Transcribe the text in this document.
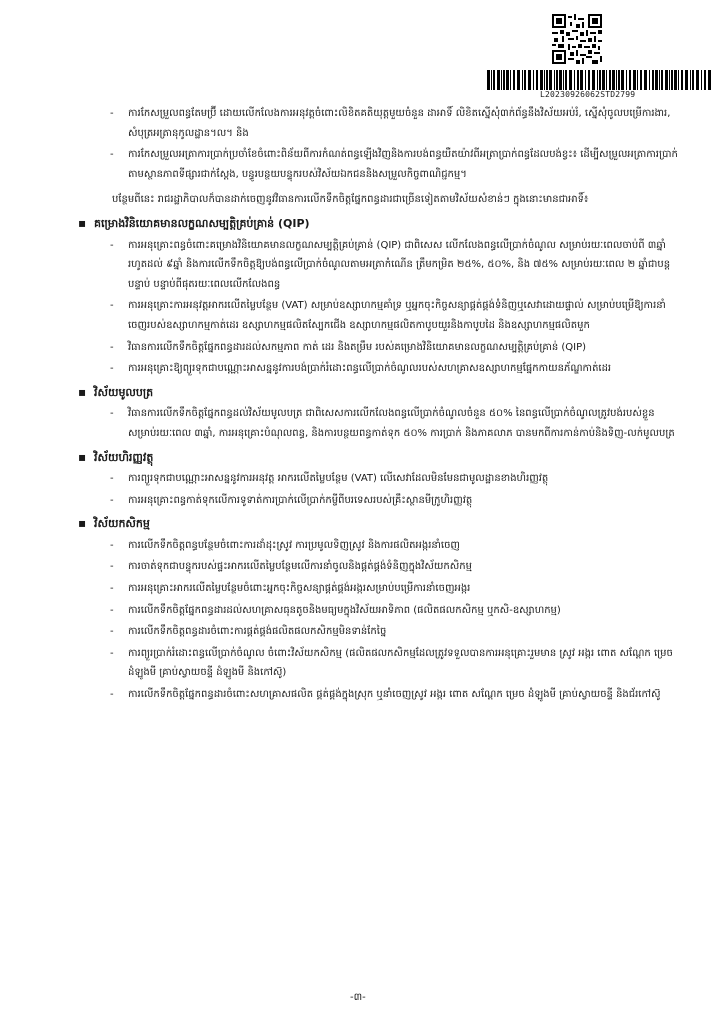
L20230926062STD2799
- ការកែសម្រួលពន្ធតែមប្រ៊ី ដោយលើកលែងការអនុវត្តចំពោះលិខិតគតិយុត្តមួយចំនួន ដាអាទិ៍ លិខិតស្នើសុំ៣ក់ព័ន្ធនឹងវិស័យអប់រំ, ស្នើសុំចូលបម្រើការងារ, សំបុត្រអត្រានុកូលដ្ឋាន។ល។ និង
- ការកែសម្រួលអត្រាការប្រាក់ប្រចាំខែចំពោះពិន័យពីការកំណត់ពន្ធឡើងវិញនិងការបង់ពន្ធយឺតយ៉ាវពីអត្រាប្រាក់ពន្ធដែលបង់ខ្វះ៖ ដើម្បីសម្រួលអត្រាការប្រាក់តាមស្ថានភាពទីផ្សារជាក់ស្តែង, បន្ធូរបន្ថយបន្ទុករបស់វិស័យឯកជននិងសម្រួលកិច្ចពាណិជ្ជកម្ម។
បន្ថែមពីនេះ រាជរដ្ឋាភិបាលក៏បានដាក់ចេញនូវវិធានការលើកទឹកចិត្តផ្នែកពន្ធដារជាច្រើនទៀតតាមវិស័យសំខាន់ៗ ក្នុងនោះមានជាអាទិ៍៖
▪ គម្រោងវិនិយោគមានលក្ខណសម្បត្តិគ្រប់គ្រាន់ (QIP)
- ការអនុគ្រោះពន្ធចំពោះគម្រោងវិនិយោគមានលក្ខណសម្បត្តិគ្រប់គ្រាន់ (QIP) ជាពិសេស លើកលែងពន្ធលើប្រាក់ចំណូល សម្រាប់រយៈពេលចាប់ពី ៣ឆ្នាំ រហូតដល់ ៩ឆ្នាំ និងការលើកទឹកចិត្តឱ្យបង់ពន្ធលើប្រាក់ចំណូលតាមអត្រាកំណើន ត្រឹមកម្រិត ២៥%, ៥០%, និង ៧៥% សម្រាប់រយៈពេល ២ ឆ្នាំជាបន្តបន្ទាប់ បន្ទាប់ពីផុតរយៈពេលលើកលែងពន្ធ
- ការអនុគ្រោះការអនុវត្តអាករលើតម្លៃបន្ថែម (VAT) សម្រាប់ឧស្សាហកម្មគាំទ្រ ឬអ្នកចុះកិច្ចសន្យាផ្គត់ផ្គង់ទំនិញឬសេវាដោយផ្ទាល់ សម្រាប់បម្រើឱ្យការនាំចេញរបស់ឧស្សាហកម្មកាត់ដេរ ឧស្សាហកម្មផលិតស្បែកជើង ឧស្សាហកម្មផលិតកាបូបយួរនិងកាបូបដៃ និងឧស្សាហកម្មផលិតមួក
- វិធានការលើកទឹកចិត្តផ្នែកពន្ធដារដល់សកម្មភាព កាត់ ដេរ និងតម្រឹម របស់គម្រោងវិនិយោគមានលក្ខណសម្បត្តិគ្រប់គ្រាន់ (QIP)
- ការអនុគ្រោះឱ្យព្យួរទុកជាបណ្ណោះអាសន្ននូវការបង់ប្រាក់រំដោះពន្ធលើប្រាក់ចំណូលរបស់សហគ្រាសឧស្សាហកម្មផ្នែកកាយនភ័ណ្ឌកាត់ដេរ
▪ វិស័យមូលបត្រ
- វិធានការលើកទឹកចិត្តផ្នែកពន្ធដល់វិស័យមូលបត្រ ជាពិសេសការលើកលែងពន្ធលើប្រាក់ចំណូលចំនួន ៥០% នៃពន្ធលើប្រាក់ចំណូលត្រូវបង់របស់ខ្លួនសម្រាប់រយៈពេល ៣ឆ្នាំ, ការអនុគ្រោះបំណុលពន្ធ, និងការបន្ថយពន្ធកាត់ទុក ៥០% ការប្រាក់ និងភាគលាភ បានមកពីការកាន់កាប់និងទិញ-លក់មូលបត្រ
▪ វិស័យហិរញ្ញវត្ថុ
- ការព្យួរទុកជាបណ្ណោះអាសន្ននូវការអនុវត្ត អាករលើតម្លៃបន្ថែម (VAT) លើសេវាដែលមិនមែនជាមូលដ្ឋានខាងហិរញ្ញវត្ថុ
- ការអនុគ្រោះពន្ធកាត់ទុកលើការទូទាត់ការប្រាក់លើប្រាក់កម្ចីពីបរទេសរបស់គ្រឹះស្ថានមីក្រូហិរញ្ញវត្ថុ
▪ វិស័យកសិកម្ម
- ការលើកទឹកចិត្តពន្ធបន្ថែមចំពោះការដាំដុះស្រូវ ការប្រមូលទិញស្រូវ និងការផលិតអង្ករនាំចេញ
- ការចាត់ទុកជាបន្ទុករបស់ផ្ទះអាករលើតម្លៃបន្ថែមលើការនាំចូលនិងផ្គត់ផ្គង់ទំនិញក្នុងវិស័យកសិកម្ម
- ការអនុគ្រោះអាករលើតម្លៃបន្ថែមចំពោះអ្នកចុះកិច្ចសន្យាផ្គត់ផ្គង់អង្ករសម្រាប់បម្រើការនាំចេញអង្ករ
- ការលើកទឹកចិត្តផ្នែកពន្ធដារដល់សហគ្រាសធុនតូចនិងមធ្យមក្នុងវិស័យអាទិភាព (ផលិតផលកសិកម្ម ឬកសិ-ឧស្សាហកម្ម)
- ការលើកទឹកចិត្តពន្ធដារចំពោះការផ្គត់ផ្គង់ផលិតផលកសិកម្មមិនទាន់កែច្នៃ
- ការព្យួរប្រាក់រំដោះពន្ធលើប្រាក់ចំណូល ចំពោះវិស័យកសិកម្ម (ផលិតផលកសិកម្មដែលត្រូវទទួលបានការអនុគ្រោះរួមមាន ស្រូវ អង្ករ ពោត សណ្តែក ម្រេច ដំឡូងមី គ្រាប់ស្វាយចន្ទី ដំឡូងមី និងកៅស៊ូ)
- ការលើកទឹកចិត្តផ្នែកពន្ធដារចំពោះសហគ្រាសផលិត ផ្គត់ផ្គង់ក្នុងស្រុក ឬនាំចេញស្រូវ អង្ករ ពោត សណ្តែក ម្រេច ដំឡូងមី គ្រាប់ស្វាយចន្ទី និងជ័រកៅស៊ូ
-៣-
